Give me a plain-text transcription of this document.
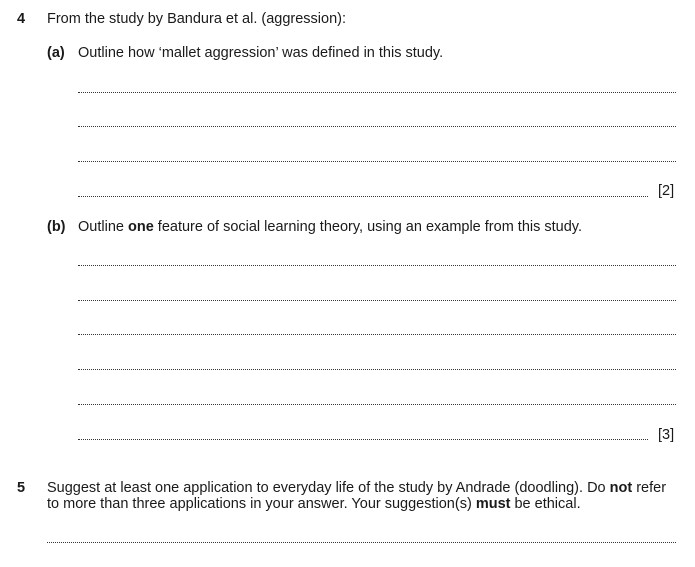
4 From the study by Bandura et al. (aggression):
(a) Outline how ‘mallet aggression’ was defined in this study.
[2]
(b) Outline one feature of social learning theory, using an example from this study.
[3]
5 Suggest at least one application to everyday life of the study by Andrade (doodling). Do not refer
to more than three applications in your answer. Your suggestion(s) must be ethical.
